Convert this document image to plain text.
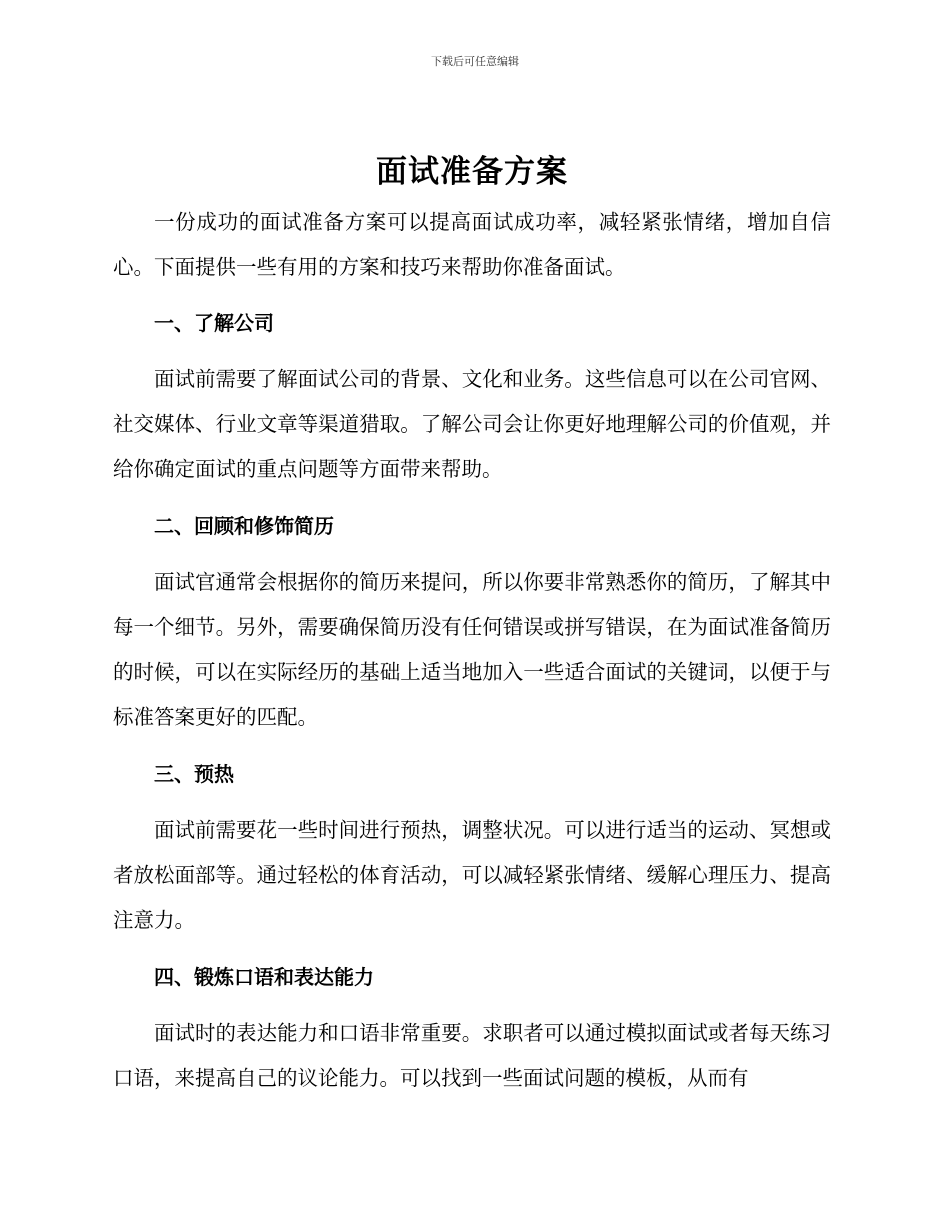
下载后可任意编辑
面试准备方案

一份成功的面试准备方案可以提高面试成功率，减轻紧张情绪，增加自信心。下面提供一些有用的方案和技巧来帮助你准备面试。

一、了解公司

面试前需要了解面试公司的背景、文化和业务。这些信息可以在公司官网、社交媒体、行业文章等渠道猎取。了解公司会让你更好地理解公司的价值观，并给你确定面试的重点问题等方面带来帮助。

二、回顾和修饰简历

面试官通常会根据你的简历来提问，所以你要非常熟悉你的简历，了解其中每一个细节。另外，需要确保简历没有任何错误或拼写错误，在为面试准备简历的时候，可以在实际经历的基础上适当地加入一些适合面试的关键词，以便于与标准答案更好的匹配。

三、预热

面试前需要花一些时间进行预热，调整状况。可以进行适当的运动、冥想或者放松面部等。通过轻松的体育活动，可以减轻紧张情绪、缓解心理压力、提高注意力。

四、锻炼口语和表达能力

面试时的表达能力和口语非常重要。求职者可以通过模拟面试或者每天练习口语，来提高自己的议论能力。可以找到一些面试问题的模板，从而有
